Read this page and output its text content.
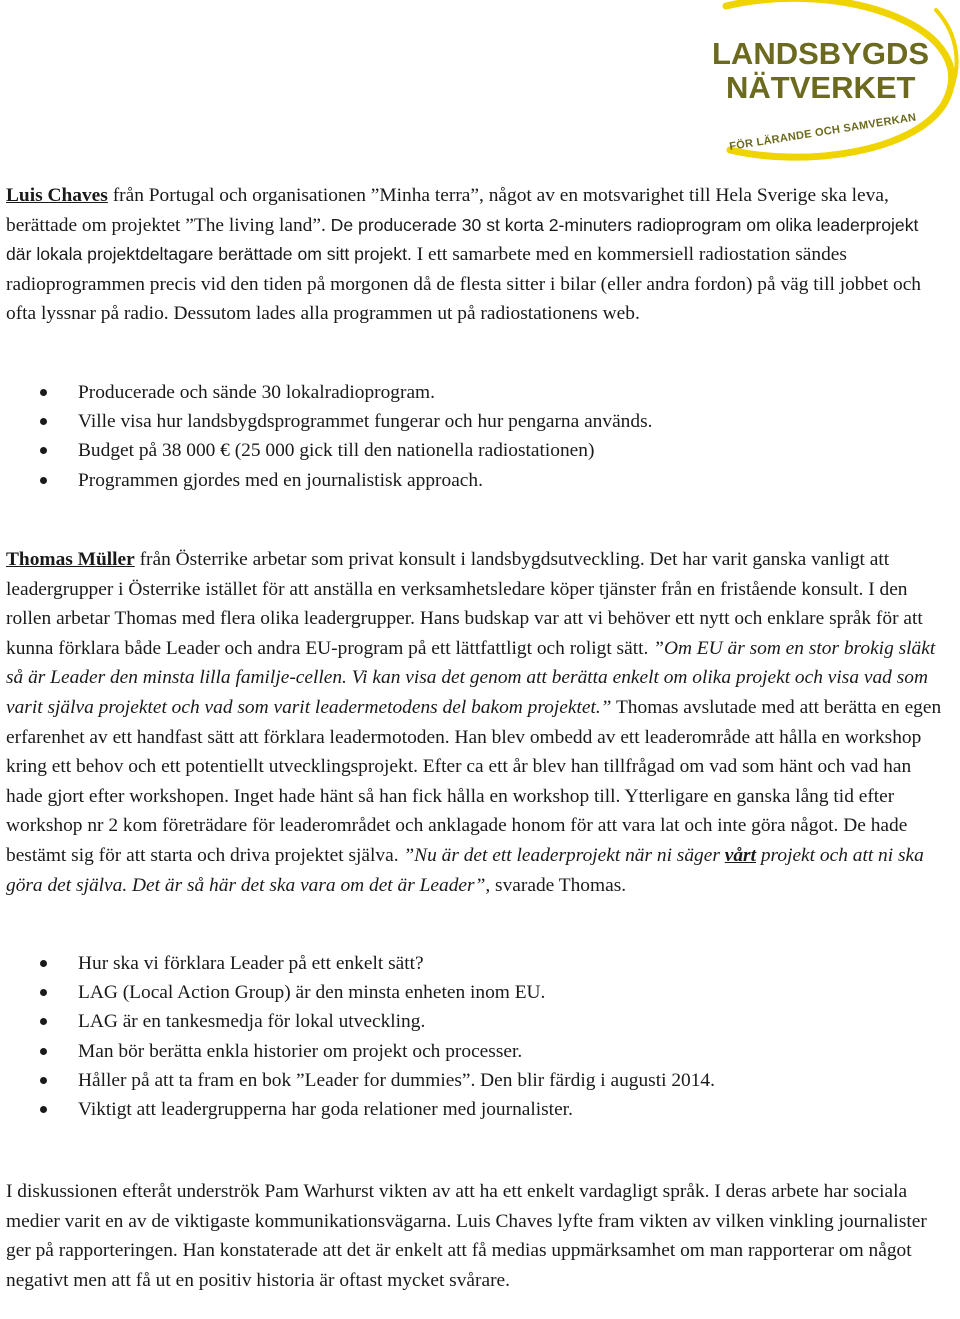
LANDSBYGDS
NÄTVERKET
FÖR LÄRANDE OCH SAMVERKAN

Luis Chaves från Portugal och organisationen ”Minha terra”, något av en motsvarighet till Hela Sverige ska leva, berättade om projektet ”The living land”. De producerade 30 st korta 2-minuters radioprogram om olika leaderprojekt där lokala projektdeltagare berättade om sitt projekt. I ett samarbete med en kommersiell radiostation sändes radioprogrammen precis vid den tiden på morgonen då de flesta sitter i bilar (eller andra fordon) på väg till jobbet och ofta lyssnar på radio. Dessutom lades alla programmen ut på radiostationens web.

Producerade och sände 30 lokalradioprogram.
Ville visa hur landsbygdsprogrammet fungerar och hur pengarna används.
Budget på 38 000 € (25 000 gick till den nationella radiostationen)
Programmen gjordes med en journalistisk approach.

Thomas Müller från Österrike arbetar som privat konsult i landsbygdsutveckling. Det har varit ganska vanligt att leadergrupper i Österrike istället för att anställa en verksamhetsledare köper tjänster från en fristående konsult. I den rollen arbetar Thomas med flera olika leadergrupper. Hans budskap var att vi behöver ett nytt och enklare språk för att kunna förklara både Leader och andra EU-program på ett lättfattligt och roligt sätt. ”Om EU är som en stor brokig släkt så är Leader den minsta lilla familje-cellen. Vi kan visa det genom att berätta enkelt om olika projekt och visa vad som varit själva projektet och vad som varit leadermetodens del bakom projektet.” Thomas avslutade med att berätta en egen erfarenhet av ett handfast sätt att förklara leadermotoden. Han blev ombedd av ett leaderområde att hålla en workshop kring ett behov och ett potentiellt utvecklingsprojekt. Efter ca ett år blev han tillfrågad om vad som hänt och vad han hade gjort efter workshopen. Inget hade hänt så han fick hålla en workshop till. Ytterligare en ganska lång tid efter workshop nr 2 kom företrädare för leaderområdet och anklagade honom för att vara lat och inte göra något. De hade bestämt sig för att starta och driva projektet själva. ”Nu är det ett leaderprojekt när ni säger vårt projekt och att ni ska göra det själva. Det är så här det ska vara om det är Leader”, svarade Thomas.

Hur ska vi förklara Leader på ett enkelt sätt?
LAG (Local Action Group) är den minsta enheten inom EU.
LAG är en tankesmedja för lokal utveckling.
Man bör berätta enkla historier om projekt och processer.
Håller på att ta fram en bok ”Leader for dummies”. Den blir färdig i augusti 2014.
Viktigt att leadergrupperna har goda relationer med journalister.

I diskussionen efteråt underströk Pam Warhurst vikten av att ha ett enkelt vardagligt språk. I deras arbete har sociala medier varit en av de viktigaste kommunikationsvägarna. Luis Chaves lyfte fram vikten av vilken vinkling journalister ger på rapporteringen. Han konstaterade att det är enkelt att få medias uppmärksamhet om man rapporterar om något negativt men att få ut en positiv historia är oftast mycket svårare.
